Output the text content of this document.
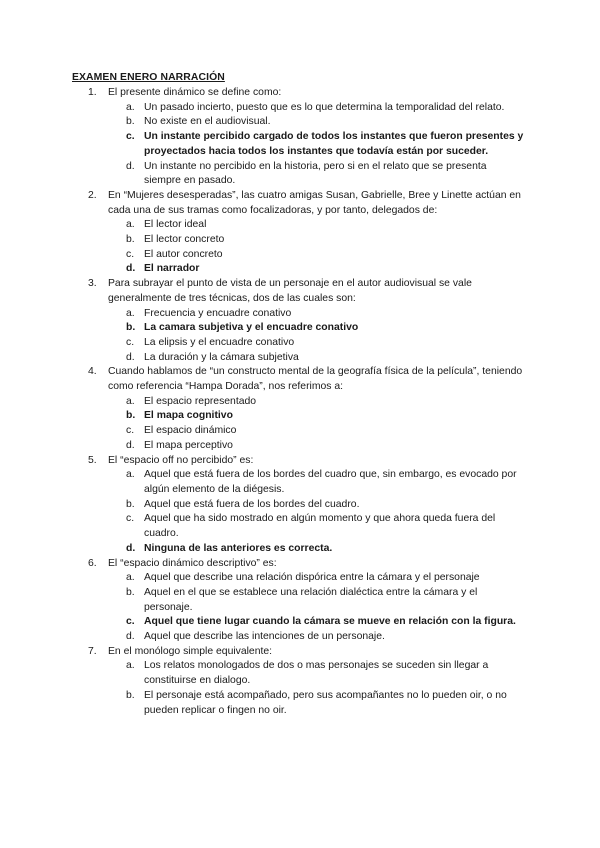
EXAMEN ENERO NARRACIÓN
1. El presente dinámico se define como:
a. Un pasado incierto, puesto que es lo que determina la temporalidad del relato.
b. No existe en el audiovisual.
c. Un instante percibido cargado de todos los instantes que fueron presentes y proyectados hacia todos los instantes que todavía están por suceder.
d. Un instante no percibido en la historia, pero si en el relato que se presenta siempre en pasado.
2. En “Mujeres desesperadas”, las cuatro amigas Susan, Gabrielle, Bree y Linette actúan en cada una de sus tramas como focalizadoras, y por tanto, delegados de:
a. El lector ideal
b. El lector concreto
c. El autor concreto
d. El narrador
3. Para subrayar el punto de vista de un personaje en el autor audiovisual se vale generalmente de tres técnicas, dos de las cuales son:
a. Frecuencia y encuadre conativo
b. La camara subjetiva y el encuadre conativo
c. La elipsis y el encuadre conativo
d. La duración y la cámara subjetiva
4. Cuando hablamos de “un constructo mental de la geografía física de la película”, teniendo como referencia “Hampa Dorada”, nos referimos a:
a. El espacio representado
b. El mapa cognitivo
c. El espacio dinámico
d. El mapa perceptivo
5. El “espacio off no percibido” es:
a. Aquel que está fuera de los bordes del cuadro que, sin embargo, es evocado por algún elemento de la diégesis.
b. Aquel que está fuera de los bordes del cuadro.
c. Aquel que ha sido mostrado en algún momento y que ahora queda fuera del cuadro.
d. Ninguna de las anteriores es correcta.
6. El “espacio dinámico descriptivo” es:
a. Aquel que describe una relación dispórica entre la cámara y el personaje
b. Aquel en el que se establece una relación dialéctica entre la cámara y el personaje.
c. Aquel que tiene lugar cuando la cámara se mueve en relación con la figura.
d. Aquel que describe las intenciones de un personaje.
7. En el monólogo simple equivalente:
a. Los relatos monologados de dos o mas personajes se suceden sin llegar a constituirse en dialogo.
b. El personaje está acompañado, pero sus acompañantes no lo pueden oir, o no pueden replicar o fingen no oir.
